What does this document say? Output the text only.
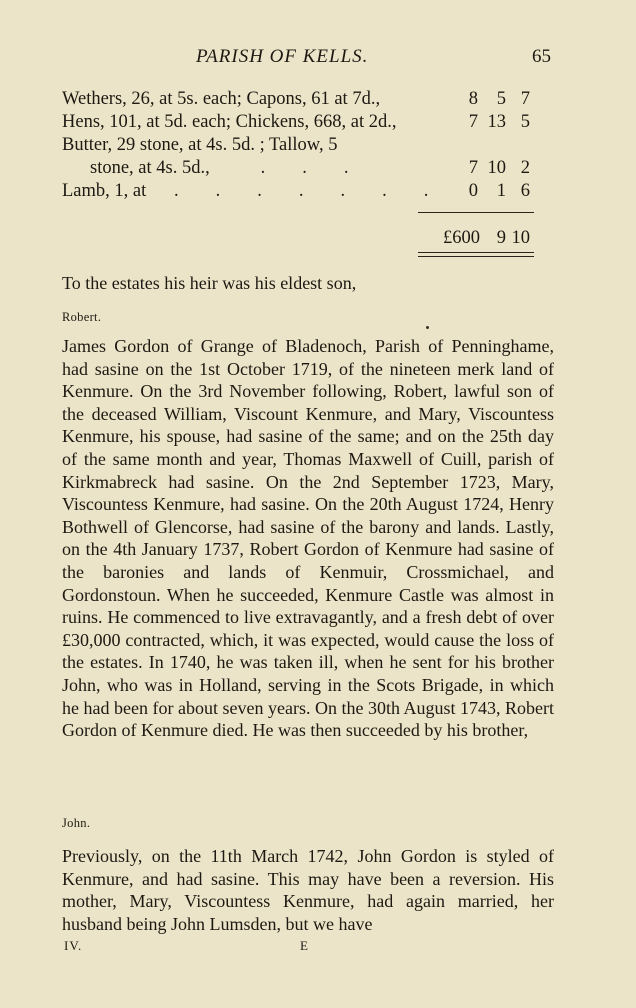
PARISH OF KELLS.	65
Wethers, 26, at 5s. each; Capons, 61 at 7d.,	8 5 7
Hens, 101, at 5d. each; Chickens, 668, at 2d.,	7 13 5
Butter, 29 stone, at 4s. 5d. ; Tallow, 5
stone, at 4s. 5d.,           .        .        .	7 10 2
Lamb, 1, at      .        .        .        .        .        .        . 0 1 6
£600 9 10

To the estates his heir was his eldest son,

Robert.

James Gordon of Grange of Bladenoch, Parish of Penninghame, had sasine on the 1st October 1719, of the nineteen merk land of Kenmure. On the 3rd November following, Robert, lawful son of the deceased William, Viscount Kenmure, and Mary, Viscountess Kenmure, his spouse, had sasine of the same; and on the 25th day of the same month and year, Thomas Maxwell of Cuill, parish of Kirkmabreck had sasine. On the 2nd September 1723, Mary, Viscountess Kenmure, had sasine. On the 20th August 1724, Henry Bothwell of Glencorse, had sasine of the barony and lands. Lastly, on the 4th January 1737, Robert Gordon of Kenmure had sasine of the baronies and lands of Kenmuir, Crossmichael, and Gordonstoun. When he succeeded, Kenmure Castle was almost in ruins. He commenced to live extravagantly, and a fresh debt of over £30,000 contracted, which, it was expected, would cause the loss of the estates. In 1740, he was taken ill, when he sent for his brother John, who was in Holland, serving in the Scots Brigade, in which he had been for about seven years. On the 30th August 1743, Robert Gordon of Kenmure died. He was then succeeded by his brother,

John.

Previously, on the 11th March 1742, John Gordon is styled of Kenmure, and had sasine. This may have been a reversion. His mother, Mary, Viscountess Kenmure, had again married, her husband being John Lumsden, but we have

IV.	E
